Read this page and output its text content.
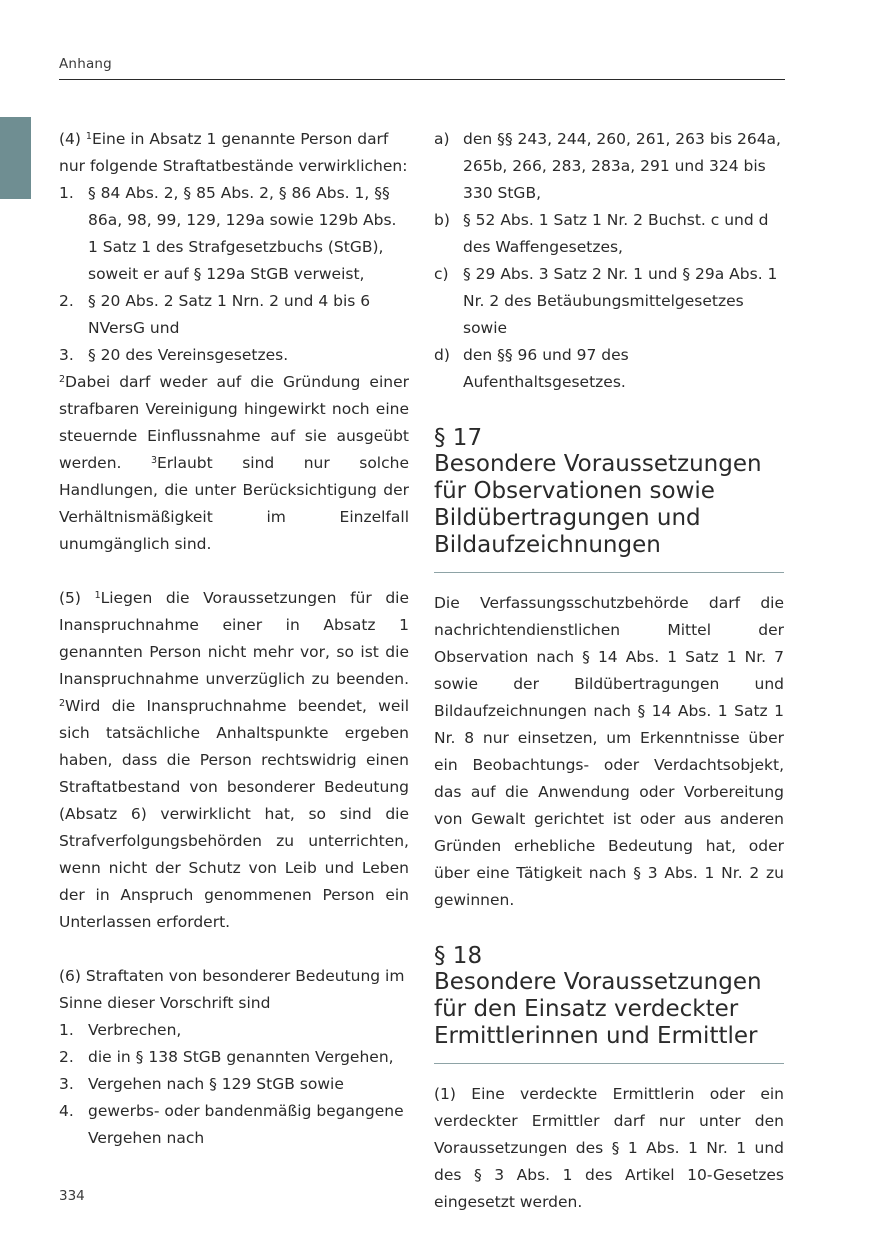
Anhang

(4) $^1$Eine in Absatz 1 genannte Person darf nur folgende Straftatbestände verwirklichen:

1. § 84 Abs. 2, § 85 Abs. 2, § 86 Abs. 1, §§ 86a, 98, 99, 129, 129a sowie 129b Abs. 1 Satz 1 des Strafgesetzbuchs (StGB), soweit er auf § 129a StGB verweist,
2. § 20 Abs. 2 Satz 1 Nrn. 2 und 4 bis 6 NVersG und
3. § 20 des Vereinsgesetzes.

$^2$Dabei darf weder auf die Gründung einer strafbaren Vereinigung hingewirkt noch eine steuernde Einflussnahme auf sie ausgeübt werden. $^3$Erlaubt sind nur solche Handlungen, die unter Berücksichtigung der Verhältnismäßigkeit im Einzelfall unumgänglich sind.

(5) $^1$Liegen die Voraussetzungen für die Inanspruchnahme einer in Absatz 1 genannten Person nicht mehr vor, so ist die Inanspruchnahme unverzüglich zu beenden. $^2$Wird die Inanspruchnahme beendet, weil sich tatsächliche Anhaltspunkte ergeben haben, dass die Person rechtswidrig einen Straftatbestand von besonderer Bedeutung (Absatz 6) verwirklicht hat, so sind die Strafverfolgungsbehörden zu unterrichten, wenn nicht der Schutz von Leib und Leben der in Anspruch genommenen Person ein Unterlassen erfordert.

(6) Straftaten von besonderer Bedeutung im Sinne dieser Vorschrift sind

1. Verbrechen,
2. die in § 138 StGB genannten Vergehen,
3. Vergehen nach § 129 StGB sowie
4. gewerbs- oder bandenmäßig begangene Vergehen nach
a) den §§ 243, 244, 260, 261, 263 bis 264a, 265b, 266, 283, 283a, 291 und 324 bis 330 StGB,
b) § 52 Abs. 1 Satz 1 Nr. 2 Buchst. c und d des Waffengesetzes,
c) § 29 Abs. 3 Satz 2 Nr. 1 und § 29a Abs. 1 Nr. 2 des Betäubungsmittelgesetzes sowie
d) den §§ 96 und 97 des Aufenthaltsgesetzes.
§ 17
Besondere Voraussetzungen für Observationen sowie Bildübertragungen und Bildaufzeichnungen

Die Verfassungsschutzbehörde darf die nachrichtendienstlichen Mittel der Observation nach § 14 Abs. 1 Satz 1 Nr. 7 sowie der Bildübertragungen und Bildaufzeichnungen nach § 14 Abs. 1 Satz 1 Nr. 8 nur einsetzen, um Erkenntnisse über ein Beobachtungs- oder Verdachtsobjekt, das auf die Anwendung oder Vorbereitung von Gewalt gerichtet ist oder aus anderen Gründen erhebliche Bedeutung hat, oder über eine Tätigkeit nach § 3 Abs. 1 Nr. 2 zu gewinnen.

§ 18
Besondere Voraussetzungen für den Einsatz verdeckter Ermittlerinnen und Ermittler

(1) Eine verdeckte Ermittlerin oder ein verdeckter Ermittler darf nur unter den Voraussetzungen des § 1 Abs. 1 Nr. 1 und des § 3 Abs. 1 des Artikel 10-Gesetzes eingesetzt werden.

334
